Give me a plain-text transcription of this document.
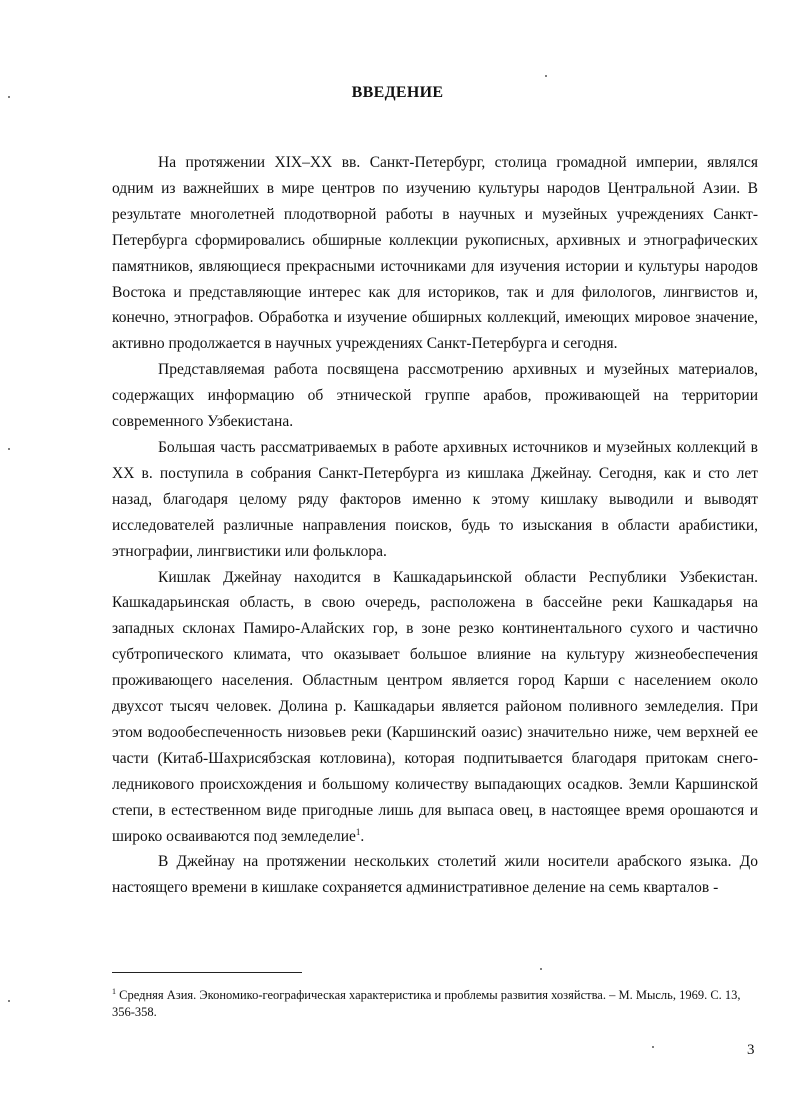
ВВЕДЕНИЕ

На протяжении XIX–XX вв. Санкт-Петербург, столица громадной империи, являлся одним из важнейших в мире центров по изучению культуры народов Центральной Азии. В результате многолетней плодотворной работы в научных и музейных учреждениях Санкт-Петербурга сформировались обширные коллекции рукописных, архивных и этнографических памятников, являющиеся прекрасными источниками для изучения истории и культуры народов Востока и представляющие интерес как для историков, так и для филологов, лингвистов и, конечно, этнографов. Обработка и изучение обширных коллекций, имеющих мировое значение, активно продолжается в научных учреждениях Санкт-Петербурга и сегодня.

Представляемая работа посвящена рассмотрению архивных и музейных материалов, содержащих информацию об этнической группе арабов, проживающей на территории современного Узбекистана.

Большая часть рассматриваемых в работе архивных источников и музейных коллекций в XX в. поступила в собрания Санкт-Петербурга из кишлака Джейнау. Сегодня, как и сто лет назад, благодаря целому ряду факторов именно к этому кишлаку выводили и выводят исследователей различные направления поисков, будь то изыскания в области арабистики, этнографии, лингвистики или фольклора.

Кишлак Джейнау находится в Кашкадарьинской области Республики Узбекистан. Кашкадарьинская область, в свою очередь, расположена в бассейне реки Кашкадарья на западных склонах Памиро-Алайских гор, в зоне резко континентального сухого и частично субтропического климата, что оказывает большое влияние на культуру жизнеобеспечения проживающего населения. Областным центром является город Карши с населением около двухсот тысяч человек. Долина р. Кашкадарьи является районом поливного земледелия. При этом водообеспеченность низовьев реки (Каршинский оазис) значительно ниже, чем верхней ее части (Китаб-Шахрисябзская котловина), которая подпитывается благодаря притокам снего-ледникового происхождения и большому количеству выпадающих осадков. Земли Каршинской степи, в естественном виде пригодные лишь для выпаса овец, в настоящее время орошаются и широко осваиваются под земледелие$^1$.

В Джейнау на протяжении нескольких столетий жили носители арабского языка. До настоящего времени в кишлаке сохраняется административное деление на семь кварталов -

$^1$ Средняя Азия. Экономико-географическая характеристика и проблемы развития хозяйства. – М. Мысль, 1969. С. 13, 356-358.
3
